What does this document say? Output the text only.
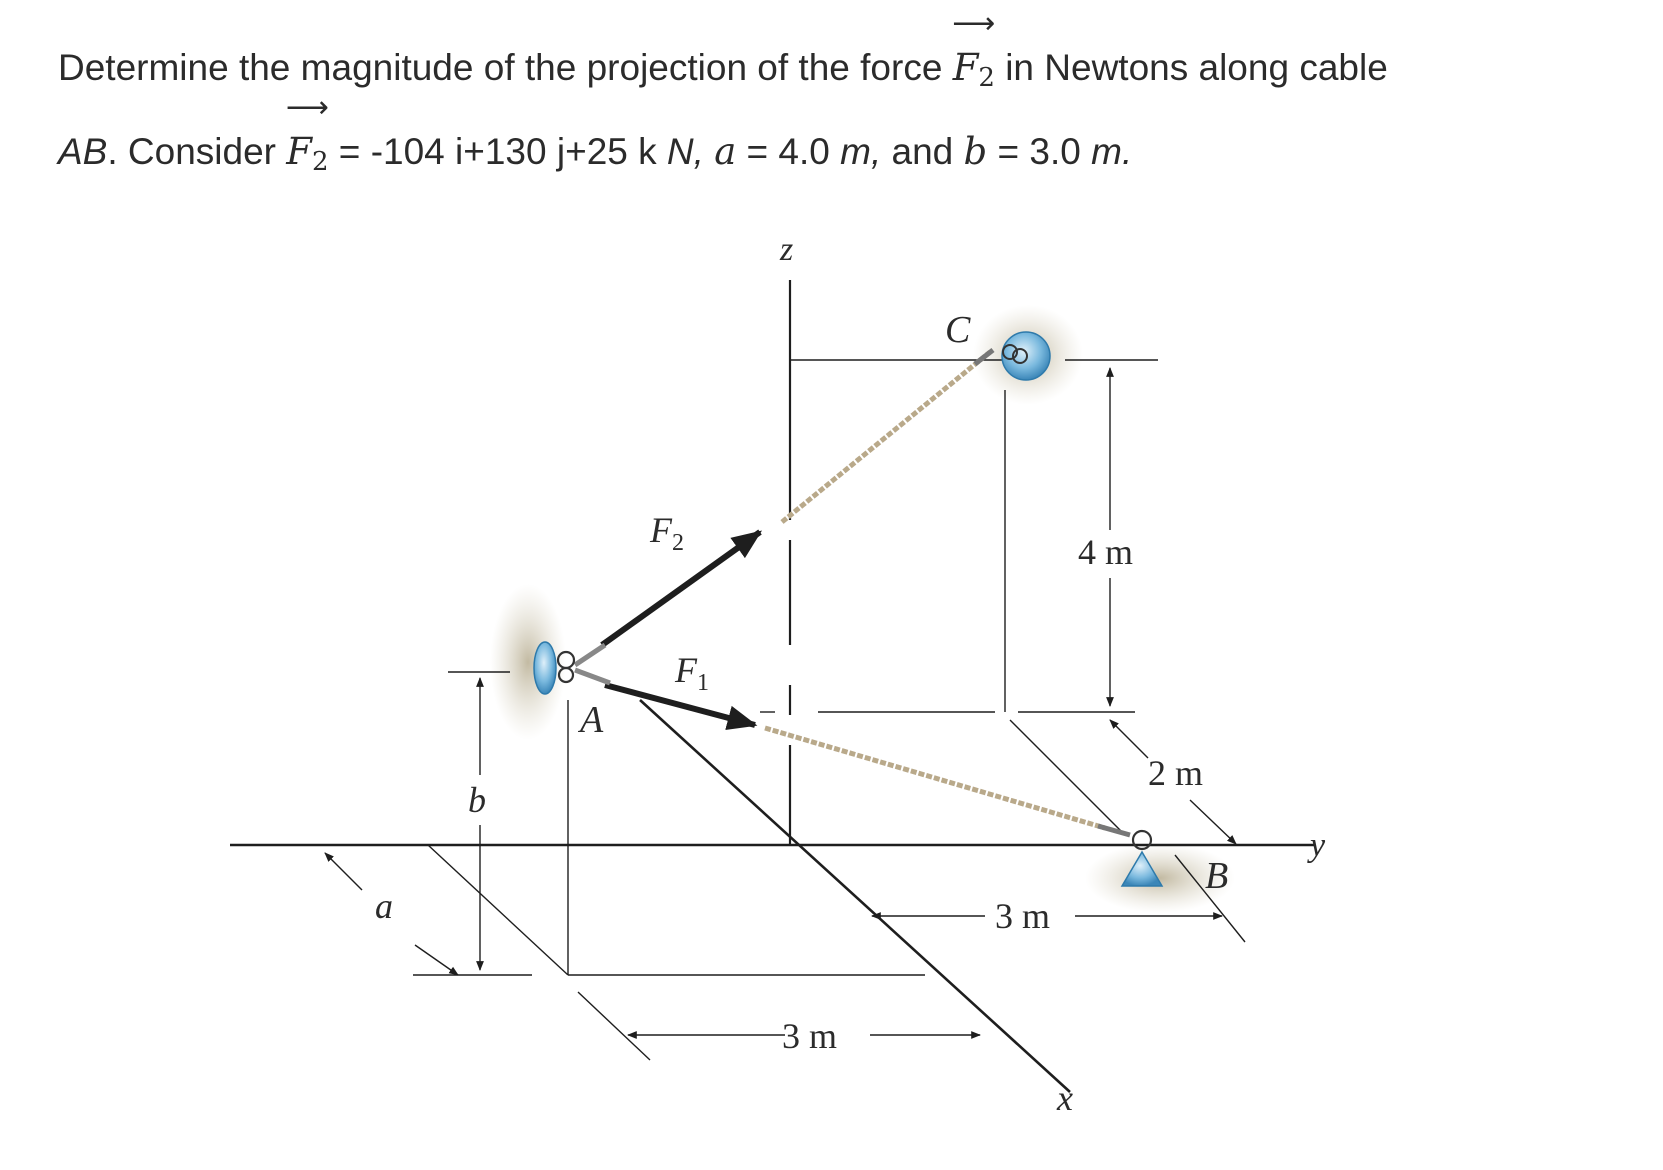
Determine the magnitude of the projection of the force
⟶
$F_2$ in Newtons along cable
AB. Consider
⟶
$F_2 = -104$ i+130 j+25 k N, a = 4.0 m, and b = 3.0 m.
z
y
x
C
A
B
$F_2$
$F_1$
4 m
2 m
3 m
3 m
a
b
